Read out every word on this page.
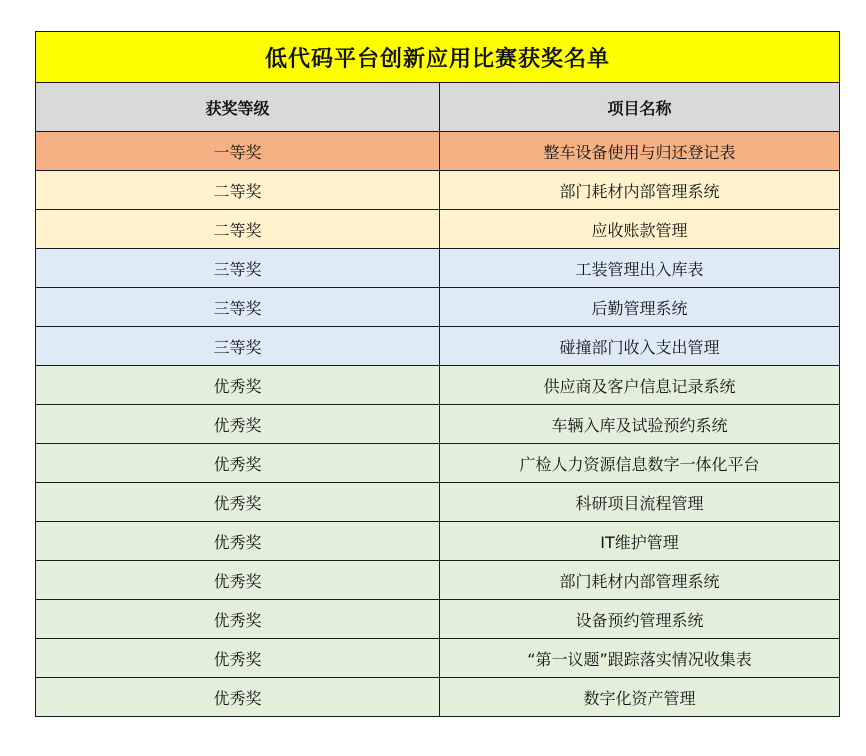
低代码平台创新应用比赛获奖名单	
获奖等级	项目名称
一等奖	整车设备使用与归还登记表
二等奖	部门耗材内部管理系统
二等奖	应收账款管理
三等奖	工装管理出入库表
三等奖	后勤管理系统
三等奖	碰撞部门收入支出管理
优秀奖	供应商及客户信息记录系统
优秀奖	车辆入库及试验预约系统
优秀奖	广检人力资源信息数字一体化平台
优秀奖	科研项目流程管理
优秀奖	IT维护管理
优秀奖	部门耗材内部管理系统
优秀奖	设备预约管理系统
优秀奖	“第一议题”跟踪落实情况收集表
优秀奖	数字化资产管理
